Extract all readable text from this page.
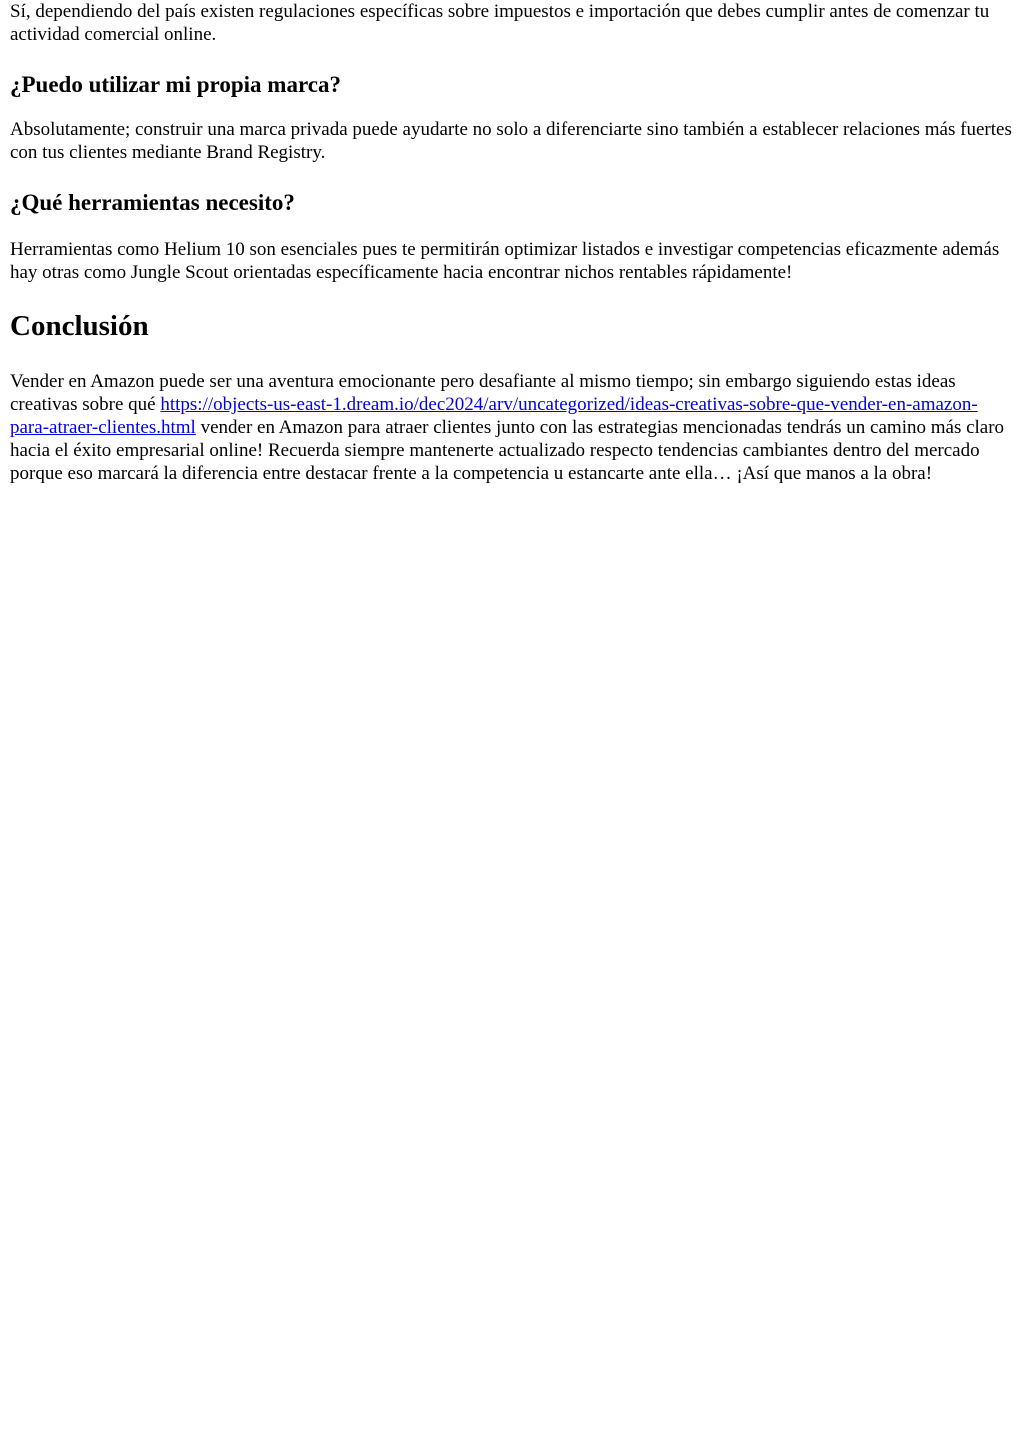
Sí, dependiendo del país existen regulaciones específicas sobre impuestos e importación que debes cumplir antes de comenzar tu actividad comercial online.

¿Puedo utilizar mi propia marca?

Absolutamente; construir una marca privada puede ayudarte no solo a diferenciarte sino también a establecer relaciones más fuertes con tus clientes mediante Brand Registry.

¿Qué herramientas necesito?

Herramientas como Helium 10 son esenciales pues te permitirán optimizar listados e investigar competencias eficazmente además hay otras como Jungle Scout orientadas específicamente hacia encontrar nichos rentables rápidamente!

Conclusión

Vender en Amazon puede ser una aventura emocionante pero desafiante al mismo tiempo; sin embargo siguiendo estas ideas creativas sobre qué https://objects-us-east-1.dream.io/dec2024/arv/uncategorized/ideas-creativas-sobre-que-vender-en-amazon-para-atraer-clientes.html vender en Amazon para atraer clientes junto con las estrategias mencionadas tendrás un camino más claro hacia el éxito empresarial online! Recuerda siempre mantenerte actualizado respecto tendencias cambiantes dentro del mercado porque eso marcará la diferencia entre destacar frente a la competencia u estancarte ante ella… ¡Así que manos a la obra!
